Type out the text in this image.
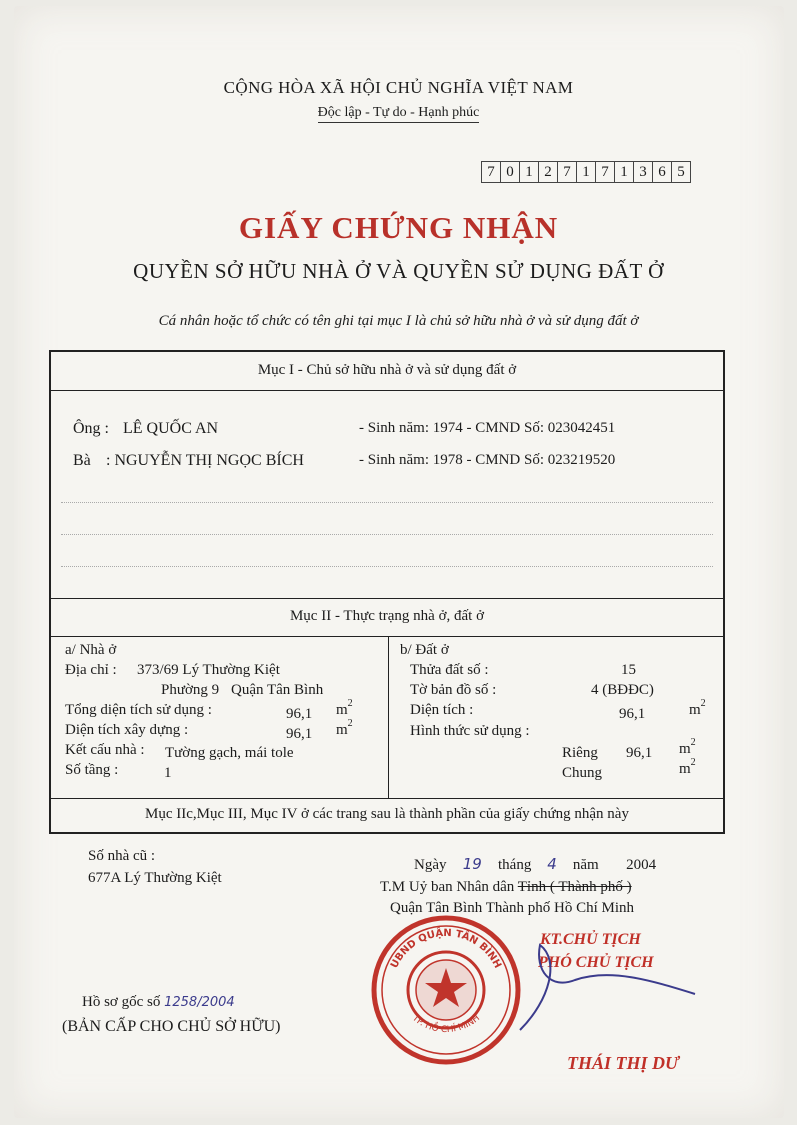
CỘNG HÒA XÃ HỘI CHỦ NGHĨA VIỆT NAM
Độc lập - Tự do - Hạnh phúc
7 0 1 2 7 1 7 1 3 6 5
GIẤY CHỨNG NHẬN
QUYỀN SỞ HỮU NHÀ Ở VÀ QUYỀN SỬ DỤNG ĐẤT Ở
Cá nhân hoặc tổ chức có tên ghi tại mục I là chủ sở hữu nhà ở và sử dụng đất ở
Mục I - Chủ sở hữu nhà ở và sử dụng đất ở
Ông : LÊ QUỐC AN	- Sinh năm: 1974 - CMND Số: 023042451
Bà : NGUYỄN THỊ NGỌC BÍCH	- Sinh năm: 1978 - CMND Số: 023219520
Mục II - Thực trạng nhà ở, đất ở
a/ Nhà ở
Địa chỉ : 373/69 Lý Thường Kiệt
Phường 9 Quận Tân Bình
Tổng diện tích sử dụng :	96,1 $m^2$
Diện tích xây dựng :	96,1 $m^2$
Kết cấu nhà : Tường gạch, mái tole
Số tầng :	1
b/ Đất ở
Thửa đất số :	15
Tờ bản đồ số :	4 (BĐĐC)
Diện tích :	96,1	$m^2$
Hình thức sử dụng :
Riêng 96,1 $m^2$
Chung	$m^2$
Mục IIc,Mục III, Mục IV ở các trang sau là thành phần của giấy chứng nhận này
Số nhà cũ :
677A Lý Thường Kiệt
Ngày 19 tháng 4 năm 2004
T.M Uỷ ban Nhân dân Tỉnh ( Thành phố )
Quận Tân Bình Thành phố Hồ Chí Minh
KT.CHỦ TỊCH
PHÓ CHỦ TỊCH
UBND QUẬN TÂN BÌNH
TP. HỒ CHÍ MINH
THÁI THỊ DƯ
Hồ sơ gốc số 1258/2004
(BẢN CẤP CHO CHỦ SỞ HỮU)
